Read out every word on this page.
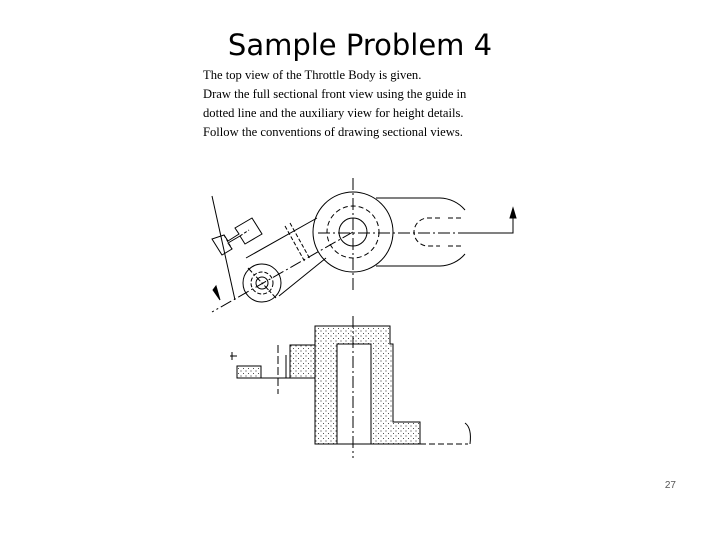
Sample Problem 4
The top view of the Throttle Body is given.
Draw the full sectional front view using the guide in
dotted line and the auxiliary view for height details.
Follow the conventions of drawing sectional views.
27
